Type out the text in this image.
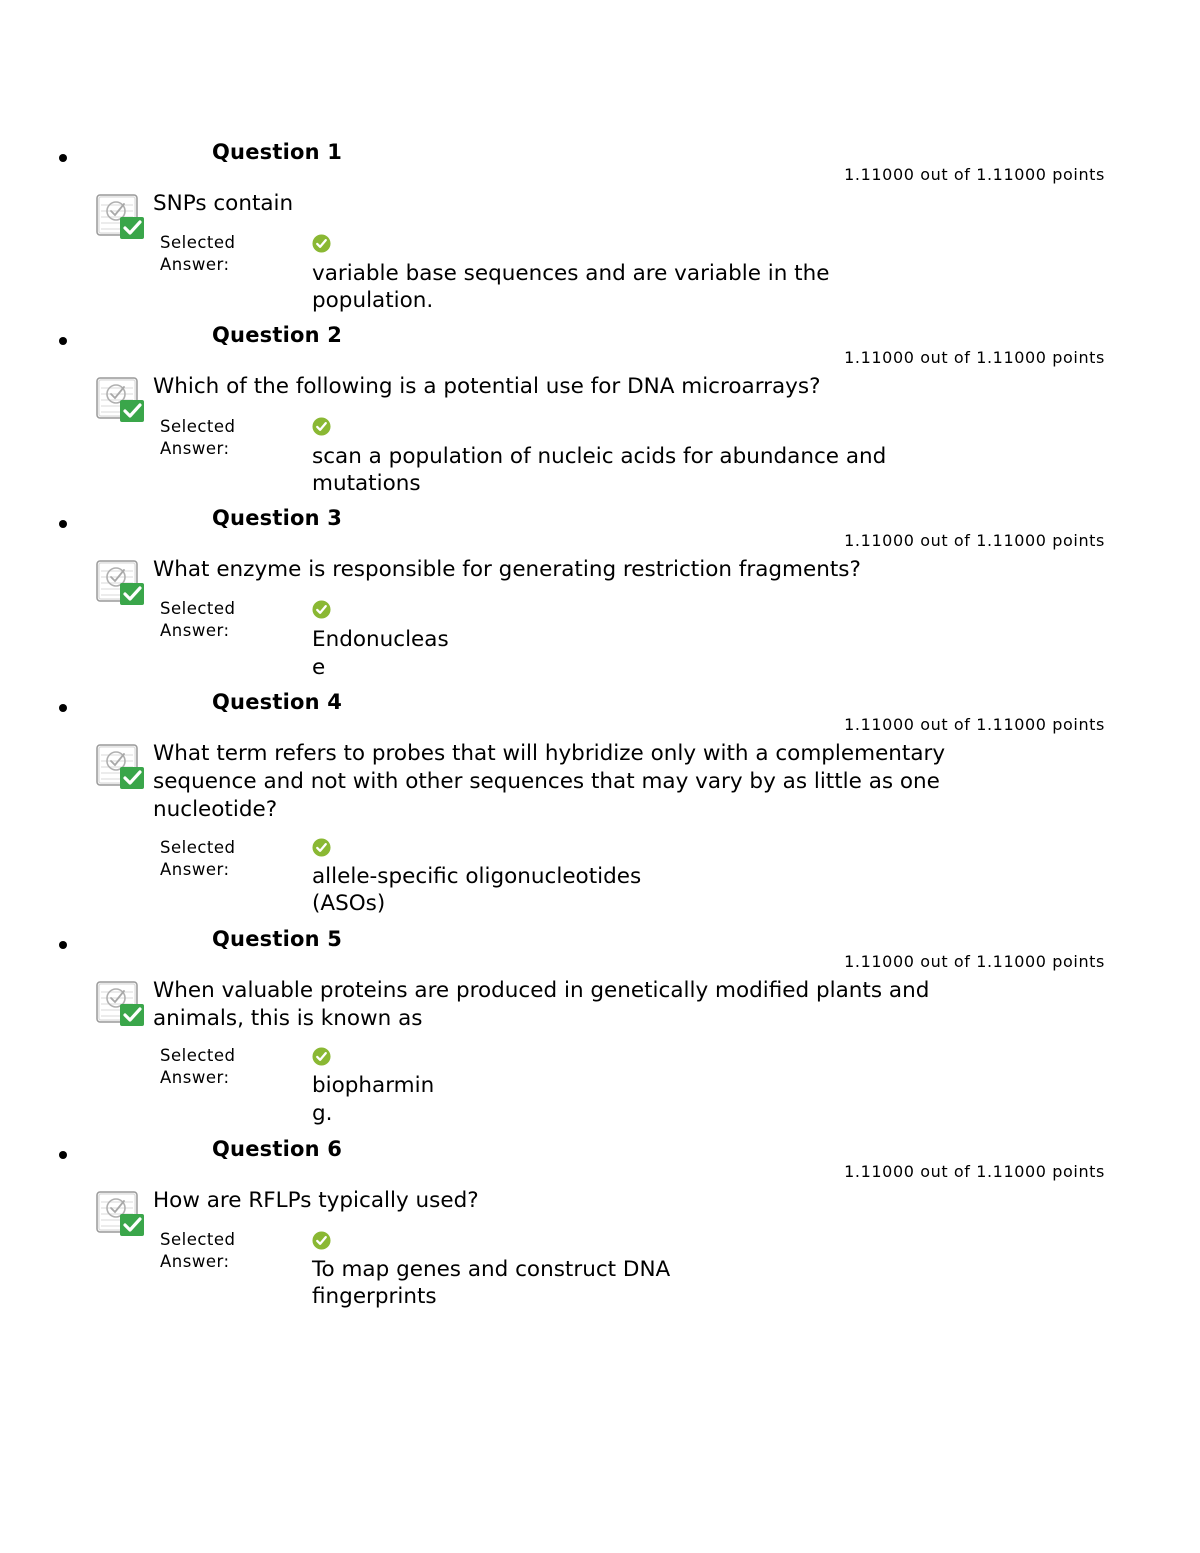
Question 1
1.11000 out of 1.11000 points
SNPs contain
Selected
Answer:	variable base sequences and are variable in the population.
Question 2
1.11000 out of 1.11000 points
Which of the following is a potential use for DNA microarrays?
Selected
Answer:	scan a population of nucleic acids for abundance and mutations
Question 3
1.11000 out of 1.11000 points
What enzyme is responsible for generating restriction fragments?
Selected
Answer:	Endonuclease
Question 4
1.11000 out of 1.11000 points
What term refers to probes that will hybridize only with a complementary sequence and not with other sequences that may vary by as little as one nucleotide?
Selected
Answer:	allele-specific oligonucleotides (ASOs)
Question 5
1.11000 out of 1.11000 points
When valuable proteins are produced in genetically modified plants and animals, this is known as
Selected
Answer:	biopharming.
Question 6
1.11000 out of 1.11000 points
How are RFLPs typically used?
Selected
Answer:	To map genes and construct DNA fingerprints
